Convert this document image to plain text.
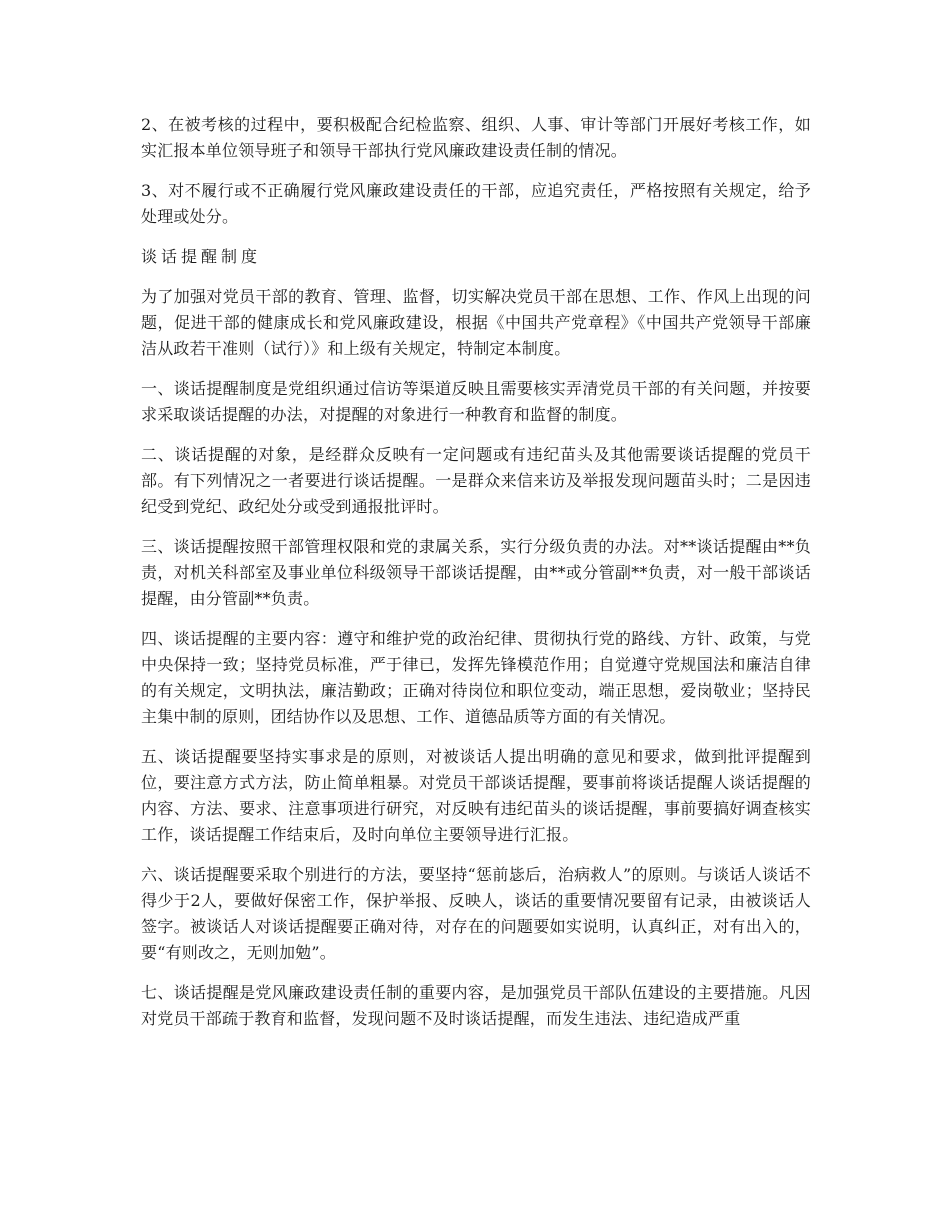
2、在被考核的过程中，要积极配合纪检监察、组织、人事、审计等部门开展好考核工作，如实汇报本单位领导班子和领导干部执行党风廉政建设责任制的情况。

3、对不履行或不正确履行党风廉政建设责任的干部，应追究责任，严格按照有关规定，给予处理或处分。

谈话提醒制度

为了加强对党员干部的教育、管理、监督，切实解决党员干部在思想、工作、作风上出现的问题，促进干部的健康成长和党风廉政建设，根据《中国共产党章程》《中国共产党领导干部廉洁从政若干准则（试行）》和上级有关规定，特制定本制度。

一、谈话提醒制度是党组织通过信访等渠道反映且需要核实弄清党员干部的有关问题，并按要求采取谈话提醒的办法，对提醒的对象进行一种教育和监督的制度。

二、谈话提醒的对象，是经群众反映有一定问题或有违纪苗头及其他需要谈话提醒的党员干部。有下列情况之一者要进行谈话提醒。一是群众来信来访及举报发现问题苗头时；二是因违纪受到党纪、政纪处分或受到通报批评时。

三、谈话提醒按照干部管理权限和党的隶属关系，实行分级负责的办法。对**谈话提醒由**负责，对机关科部室及事业单位科级领导干部谈话提醒，由**或分管副**负责，对一般干部谈话提醒，由分管副**负责。

四、谈话提醒的主要内容：遵守和维护党的政治纪律、贯彻执行党的路线、方针、政策，与党中央保持一致；坚持党员标准，严于律已，发挥先锋模范作用；自觉遵守党规国法和廉洁自律的有关规定，文明执法，廉洁勤政；正确对待岗位和职位变动，端正思想，爱岗敬业；坚持民主集中制的原则，团结协作以及思想、工作、道德品质等方面的有关情况。

五、谈话提醒要坚持实事求是的原则，对被谈话人提出明确的意见和要求，做到批评提醒到位，要注意方式方法，防止简单粗暴。对党员干部谈话提醒，要事前将谈话提醒人谈话提醒的内容、方法、要求、注意事项进行研究，对反映有违纪苗头的谈话提醒，事前要搞好调查核实工作，谈话提醒工作结束后，及时向单位主要领导进行汇报。

六、谈话提醒要采取个别进行的方法，要坚持“惩前毖后，治病救人”的原则。与谈话人谈话不得少于2人，要做好保密工作，保护举报、反映人，谈话的重要情况要留有记录，由被谈话人签字。被谈话人对谈话提醒要正确对待，对存在的问题要如实说明，认真纠正，对有出入的，要“有则改之，无则加勉”。

七、谈话提醒是党风廉政建设责任制的重要内容，是加强党员干部队伍建设的主要措施。凡因对党员干部疏于教育和监督，发现问题不及时谈话提醒，而发生违法、违纪造成严重
